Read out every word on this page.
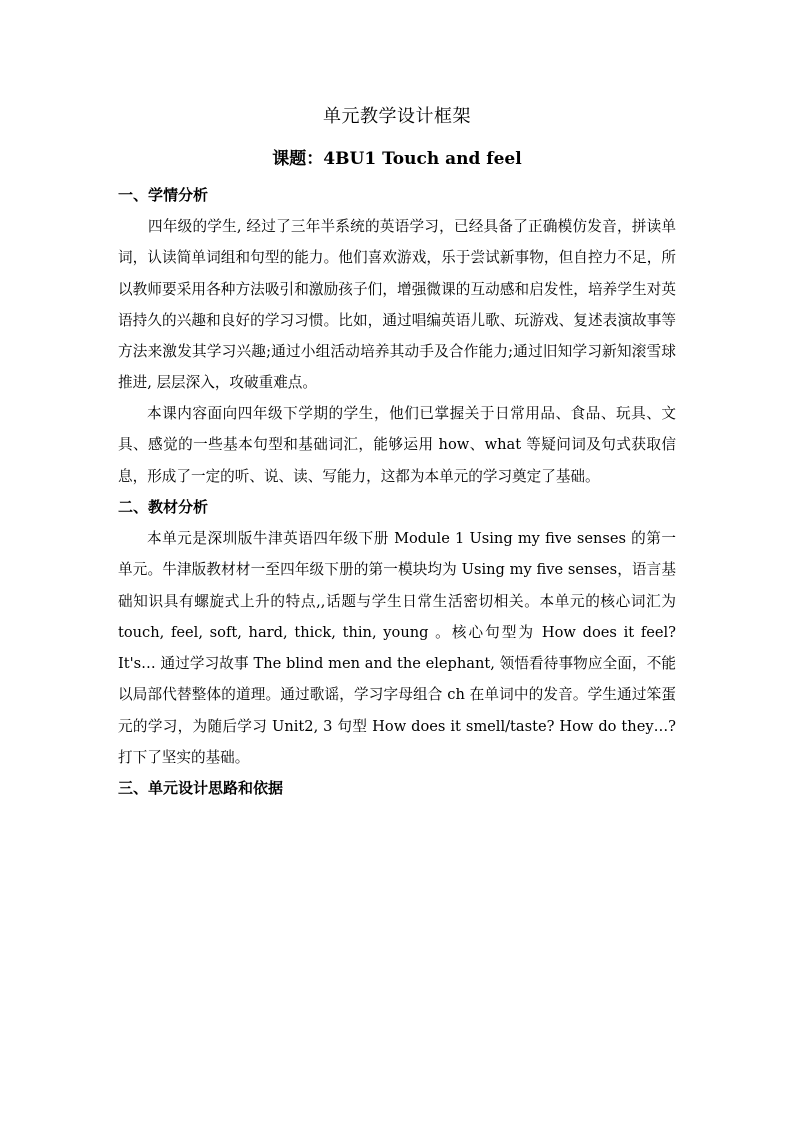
单元教学设计框架
课题：4BU1 Touch and feel
一、学情分析

四年级的学生, 经过了三年半系统的英语学习，已经具备了正确模仿发音，拼读单词，认读简单词组和句型的能力。他们喜欢游戏，乐于尝试新事物，但自控力不足，所以教师要采用各种方法吸引和激励孩子们，增强微课的互动感和启发性，培养学生对英语持久的兴趣和良好的学习习惯。比如，通过唱编英语儿歌、玩游戏、复述表演故事等方法来激发其学习兴趣;通过小组活动培养其动手及合作能力;通过旧知学习新知滚雪球推进, 层层深入，攻破重难点。

本课内容面向四年级下学期的学生，他们已掌握关于日常用品、食品、玩具、文具、感觉的一些基本句型和基础词汇，能够运用 how、what 等疑问词及句式获取信息，形成了一定的听、说、读、写能力，这都为本单元的学习奠定了基础。

二、教材分析

本单元是深圳版牛津英语四年级下册 Module 1 Using my five senses 的第一单元。牛津版教材材一至四年级下册的第一模块均为 Using my five senses，语言基础知识具有螺旋式上升的特点,,话题与学生日常生活密切相关。本单元的核心词汇为 touch, feel, soft, hard, thick, thin, young 。核心句型为 How does it feel? It's… 通过学习故事 The blind men and the elephant, 领悟看待事物应全面，不能以局部代替整体的道理。通过歌谣，学习字母组合 ch 在单词中的发音。学生通过笨蛋元的学习，为随后学习 Unit2, 3 句型 How does it smell/taste? How do they…? 打下了坚实的基础。

三、单元设计思路和依据
